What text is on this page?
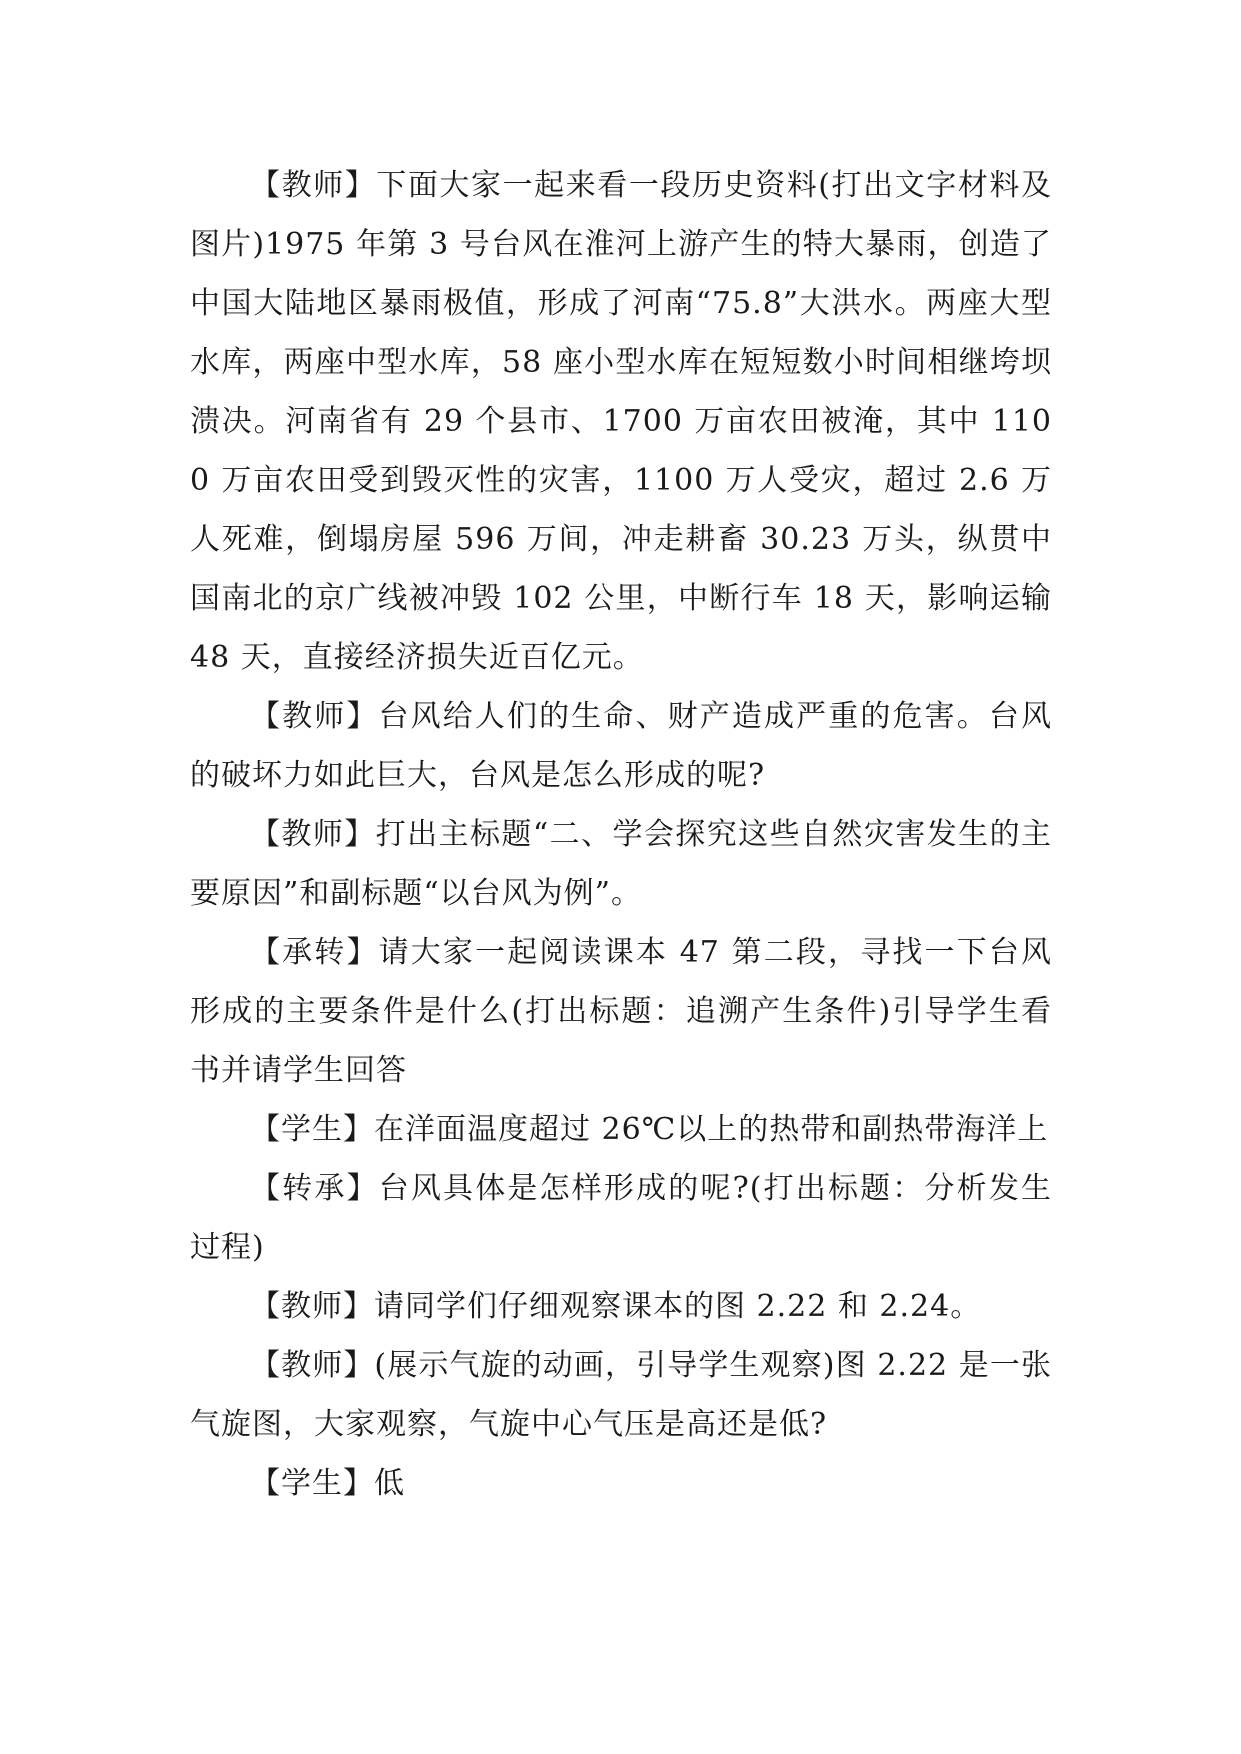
【教师】下面大家一起来看一段历史资料(打出文字材料及图片)1975 年第 3 号台风在淮河上游产生的特大暴雨，创造了中国大陆地区暴雨极值，形成了河南“75.8”大洪水。两座大型水库，两座中型水库，58 座小型水库在短短数小时间相继垮坝溃决。河南省有 29 个县市、1700 万亩农田被淹，其中 1100 万亩农田受到毁灭性的灾害，1100 万人受灾，超过 2.6 万人死难，倒塌房屋 596 万间，冲走耕畜 30.23 万头，纵贯中国南北的京广线被冲毁 102 公里，中断行车 18 天，影响运输 48 天，直接经济损失近百亿元。

【教师】台风给人们的生命、财产造成严重的危害。台风的破坏力如此巨大，台风是怎么形成的呢?

【教师】打出主标题“二、学会探究这些自然灾害发生的主要原因”和副标题“以台风为例”。

【承转】请大家一起阅读课本 47 第二段，寻找一下台风形成的主要条件是什么(打出标题：追溯产生条件)引导学生看书并请学生回答

【学生】在洋面温度超过 26℃以上的热带和副热带海洋上

【转承】台风具体是怎样形成的呢?(打出标题：分析发生过程)

【教师】请同学们仔细观察课本的图 2.22 和 2.24。

【教师】(展示气旋的动画，引导学生观察)图 2.22 是一张气旋图，大家观察，气旋中心气压是高还是低?

【学生】低
